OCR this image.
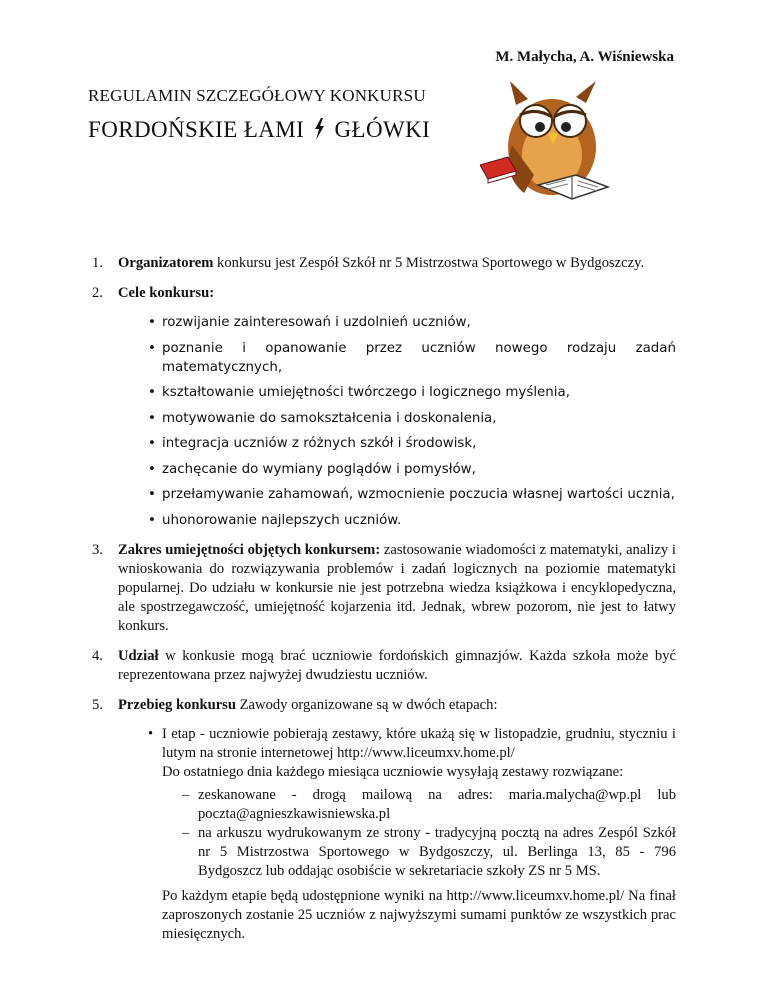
M. Małycha, A. Wiśniewska
REGULAMIN SZCZEGÓŁOWY KONKURSU
FORDOŃSKIE ŁAMI GŁÓWKI
1. Organizatorem konkursu jest Zespół Szkół nr 5 Mistrzostwa Sportowego w Bydgoszczy.
2. Cele konkursu:
• rozwijanie zainteresowań i uzdolnień uczniów,
• poznanie i opanowanie przez uczniów nowego rodzaju zadań matematycznych,
• kształtowanie umiejętności twórczego i logicznego myślenia,
• motywowanie do samokształcenia i doskonalenia,
• integracja uczniów z różnych szkół i środowisk,
• zachęcanie do wymiany poglądów i pomysłów,
• przełamywanie zahamowań, wzmocnienie poczucia własnej wartości ucznia,
• uhonorowanie najlepszych uczniów.
3. Zakres umiejętności objętych konkursem: zastosowanie wiadomości z matematyki, analizy i wnioskowania do rozwiązywania problemów i zadań logicznych na poziomie matematyki popularnej. Do udziału w konkursie nie jest potrzebna wiedza książkowa i encyklopedyczna, ale spostrzegawczość, umiejętność kojarzenia itd. Jednak, wbrew pozorom, nie jest to łatwy konkurs.
4. Udział w konkusie mogą brać uczniowie fordońskich gimnazjów. Każda szkoła może być reprezentowana przez najwyżej dwudziestu uczniów.
5. Przebieg konkursu Zawody organizowane są w dwóch etapach:
• I etap - uczniowie pobierają zestawy, które ukażą się w listopadzie, grudniu, styczniu i lutym na stronie internetowej http://www.liceumxv.home.pl/
Do ostatniego dnia każdego miesiąca uczniowie wysyłają zestawy rozwiązane:
– zeskanowane - drogą mailową na adres: maria.malycha@wp.pl lub poczta@agnieszkawisniewska.pl
– na arkuszu wydrukowanym ze strony - tradycyjną pocztą na adres Zespól Szkół nr 5 Mistrzostwa Sportowego w Bydgoszczy, ul. Berlinga 13, 85 - 796 Bydgoszcz lub oddając osobiście w sekretariacie szkoły ZS nr 5 MS.
Po każdym etapie będą udostępnione wyniki na http://www.liceumxv.home.pl/ Na finał zaproszonych zostanie 25 uczniów z najwyższymi sumami punktów ze wszystkich prac miesięcznych.
